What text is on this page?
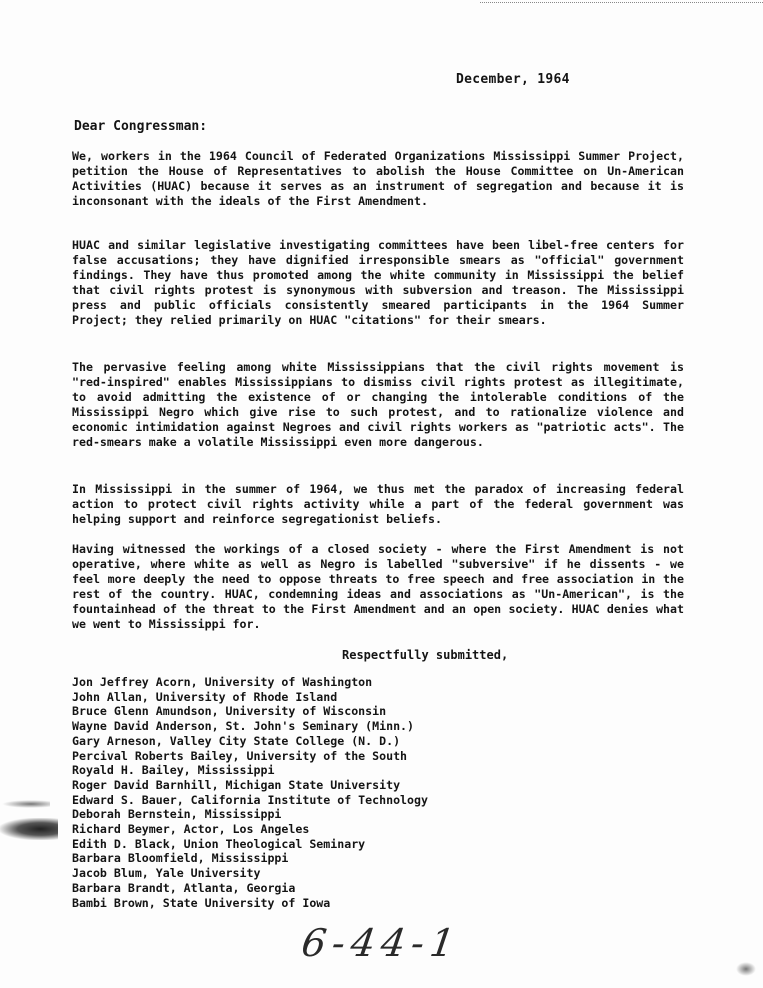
December, 1964
Dear Congressman:
We, workers in the 1964 Council of Federated Organizations Mississippi Summer Project, petition the House of Representatives to abolish the House Committee on Un-American Activities (HUAC) because it serves as an instrument of segregation and because it is inconsonant with the ideals of the First Amendment.
HUAC and similar legislative investigating committees have been libel-free centers for false accusations; they have dignified irresponsible smears as "official" government findings. They have thus promoted among the white community in Mississippi the belief that civil rights protest is synonymous with subversion and treason. The Mississippi press and public officials consistently smeared participants in the 1964 Summer Project; they relied primarily on HUAC "citations" for their smears.
The pervasive feeling among white Mississippians that the civil rights movement is "red-inspired" enables Mississippians to dismiss civil rights protest as illegitimate, to avoid admitting the existence of or changing the intolerable conditions of the Mississippi Negro which give rise to such protest, and to rationalize violence and economic intimidation against Negroes and civil rights workers as "patriotic acts". The red-smears make a volatile Mississippi even more dangerous.
In Mississippi in the summer of 1964, we thus met the paradox of increasing federal action to protect civil rights activity while a part of the federal government was helping support and reinforce segregationist beliefs.
Having witnessed the workings of a closed society - where the First Amendment is not operative, where white as well as Negro is labelled "subversive" if he dissents - we feel more deeply the need to oppose threats to free speech and free association in the rest of the country. HUAC, condemning ideas and associations as "Un-American", is the fountainhead of the threat to the First Amendment and an open society. HUAC denies what we went to Mississippi for.
Respectfully submitted,
Jon Jeffrey Acorn, University of Washington
John Allan, University of Rhode Island
Bruce Glenn Amundson, University of Wisconsin
Wayne David Anderson, St. John's Seminary (Minn.)
Gary Arneson, Valley City State College (N. D.)
Percival Roberts Bailey, University of the South
Royald H. Bailey, Mississippi
Roger David Barnhill, Michigan State University
Edward S. Bauer, California Institute of Technology
Deborah Bernstein, Mississippi
Richard Beymer, Actor, Los Angeles
Edith D. Black, Union Theological Seminary
Barbara Bloomfield, Mississippi
Jacob Blum, Yale University
Barbara Brandt, Atlanta, Georgia
Bambi Brown, State University of Iowa
6-44-1
